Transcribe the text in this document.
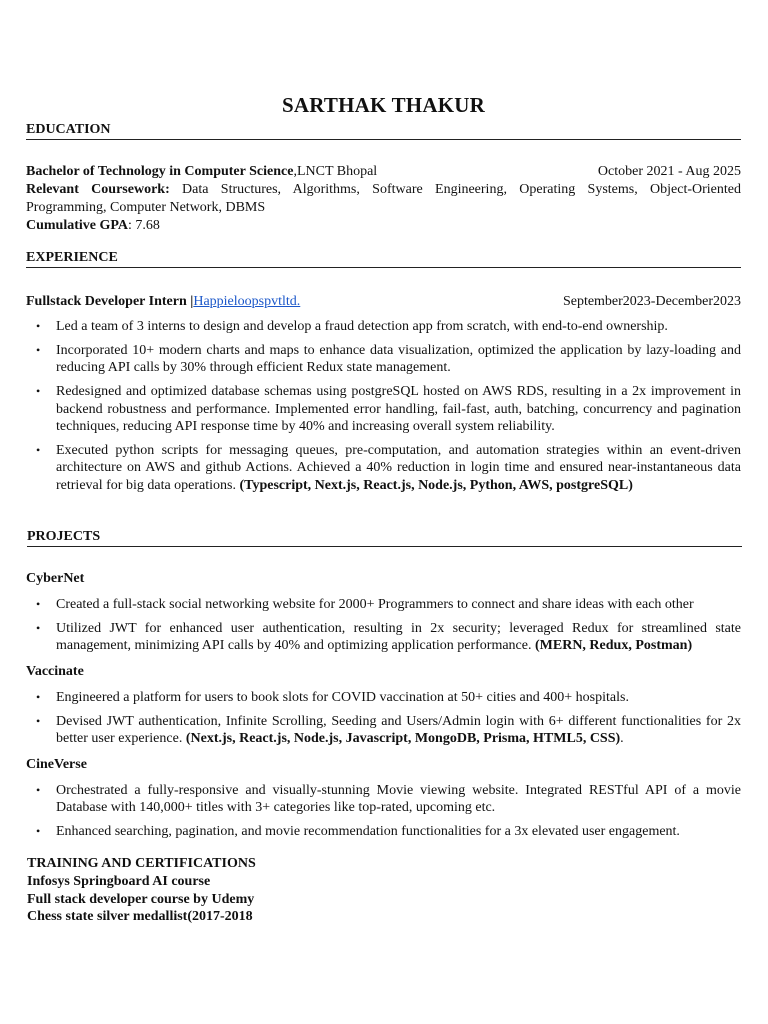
SARTHAK THAKUR
EDUCATION
Bachelor of Technology in Computer Science,LNCT Bhopal	October 2021 - Aug 2025
Relevant Coursework: Data Structures, Algorithms, Software Engineering, Operating Systems, Object-Oriented Programming, Computer Network, DBMS
Cumulative GPA: 7.68
EXPERIENCE
Fullstack Developer Intern |Happieloopspvtltd.	September2023-December2023
• Led a team of 3 interns to design and develop a fraud detection app from scratch, with end-to-end ownership.
• Incorporated 10+ modern charts and maps to enhance data visualization, optimized the application by lazy-loading and reducing API calls by 30% through efficient Redux state management.
• Redesigned and optimized database schemas using postgreSQL hosted on AWS RDS, resulting in a 2x improvement in backend robustness and performance. Implemented error handling, fail-fast, auth, batching, concurrency and pagination techniques, reducing API response time by 40% and increasing overall system reliability.
• Executed python scripts for messaging queues, pre-computation, and automation strategies within an event-driven architecture on AWS and github Actions. Achieved a 40% reduction in login time and ensured near-instantaneous data retrieval for big data operations. (Typescript, Next.js, React.js, Node.js, Python, AWS, postgreSQL)
PROJECTS
CyberNet
• Created a full-stack social networking website for 2000+ Programmers to connect and share ideas with each other
• Utilized JWT for enhanced user authentication, resulting in 2x security; leveraged Redux for streamlined state management, minimizing API calls by 40% and optimizing application performance. (MERN, Redux, Postman)
Vaccinate
• Engineered a platform for users to book slots for COVID vaccination at 50+ cities and 400+ hospitals.
• Devised JWT authentication, Infinite Scrolling, Seeding and Users/Admin login with 6+ different functionalities for 2x better user experience. (Next.js, React.js, Node.js, Javascript, MongoDB, Prisma, HTML5, CSS).
CineVerse
• Orchestrated a fully-responsive and visually-stunning Movie viewing website. Integrated RESTful API of a movie Database with 140,000+ titles with 3+ categories like top-rated, upcoming etc.
• Enhanced searching, pagination, and movie recommendation functionalities for a 3x elevated user engagement.
TRAINING AND CERTIFICATIONS
Infosys Springboard AI course
Full stack developer course by Udemy
Chess state silver medallist(2017-2018
